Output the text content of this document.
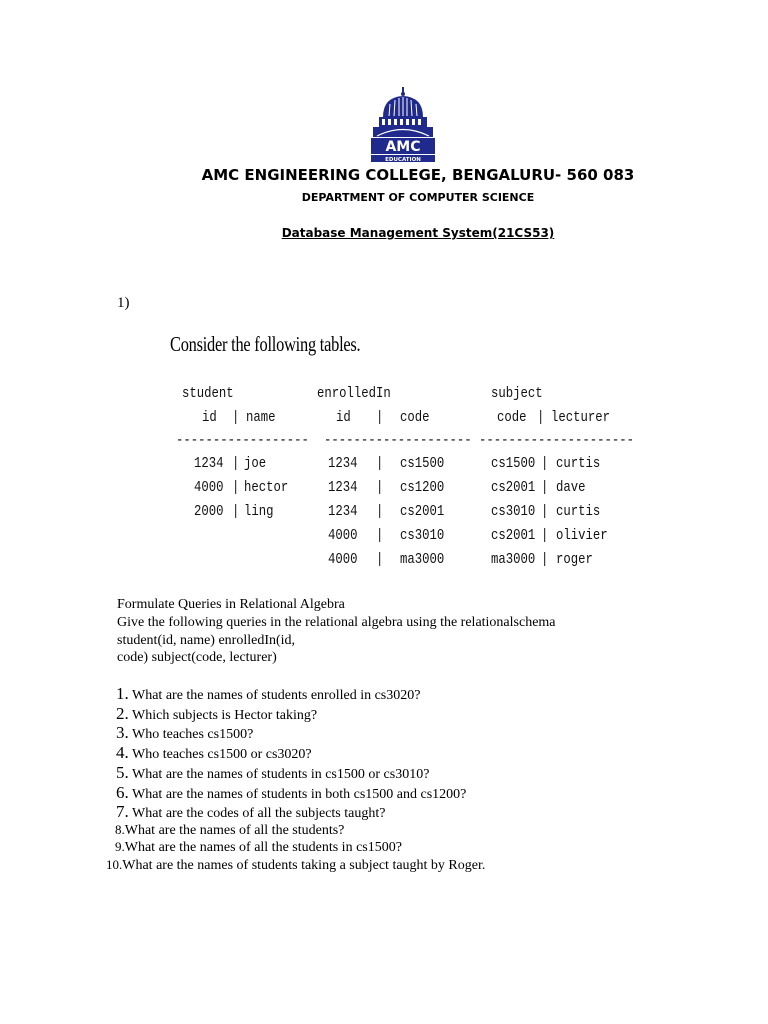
AMC
EDUCATION
AMC ENGINEERING COLLEGE, BENGALURU- 560 083
DEPARTMENT OF COMPUTER SCIENCE
Database Management System(21CS53)
1)
Consider the following tables.
student
id | name
------------------
1234 | joe
4000 | hector
2000 | ling
enrolledIn
id | code
--------------------
1234 | cs1500
1234 | cs1200
1234 | cs2001
4000 | cs3010
4000 | ma3000
subject
code | lecturer
---------------------
cs1500 | curtis
cs2001 | dave
cs3010 | curtis
cs2001 | olivier
ma3000 | roger
Formulate Queries in Relational Algebra
Give the following queries in the relational algebra using the relationalschema
student(id, name) enrolledIn(id,
code) subject(code, lecturer)
1. What are the names of students enrolled in cs3020?
2. Which subjects is Hector taking?
3. Who teaches cs1500?
4. Who teaches cs1500 or cs3020?
5. What are the names of students in cs1500 or cs3010?
6. What are the names of students in both cs1500 and cs1200?
7. What are the codes of all the subjects taught?
8.What are the names of all the students?
9.What are the names of all the students in cs1500?
10.What are the names of students taking a subject taught by Roger.
